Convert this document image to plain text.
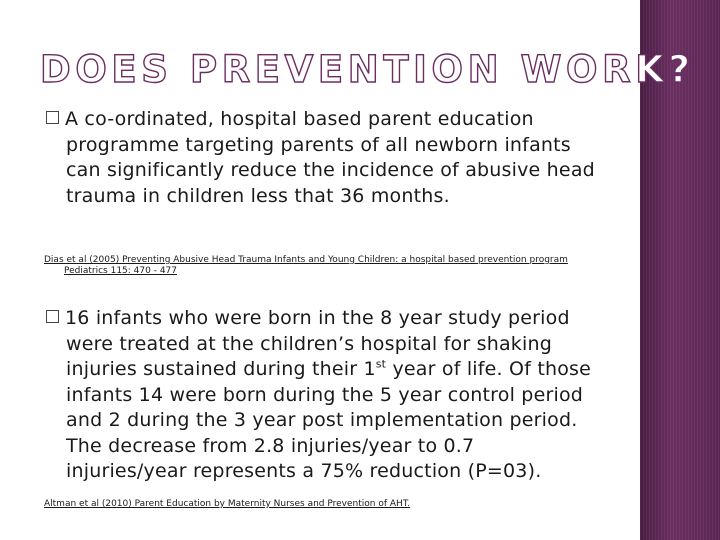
DOES PREVENTION WORK?

A co-ordinated, hospital based parent education programme targeting parents of all newborn infants can significantly reduce the incidence of abusive head trauma in children less that 36 months.

Dias et al (2005) Preventing Abusive Head Trauma Infants and Young Children: a hospital based prevention program Pediatrics 115: 470 - 477

16 infants who were born in the 8 year study period were treated at the children’s hospital for shaking injuries sustained during their 1st year of life. Of those infants 14 were born during the 5 year control period and 2 during the 3 year post implementation period. The decrease from 2.8 injuries/year to 0.7 injuries/year represents a 75% reduction (P=03).

Altman et al (2010) Parent Education by Maternity Nurses and Prevention of AHT.
